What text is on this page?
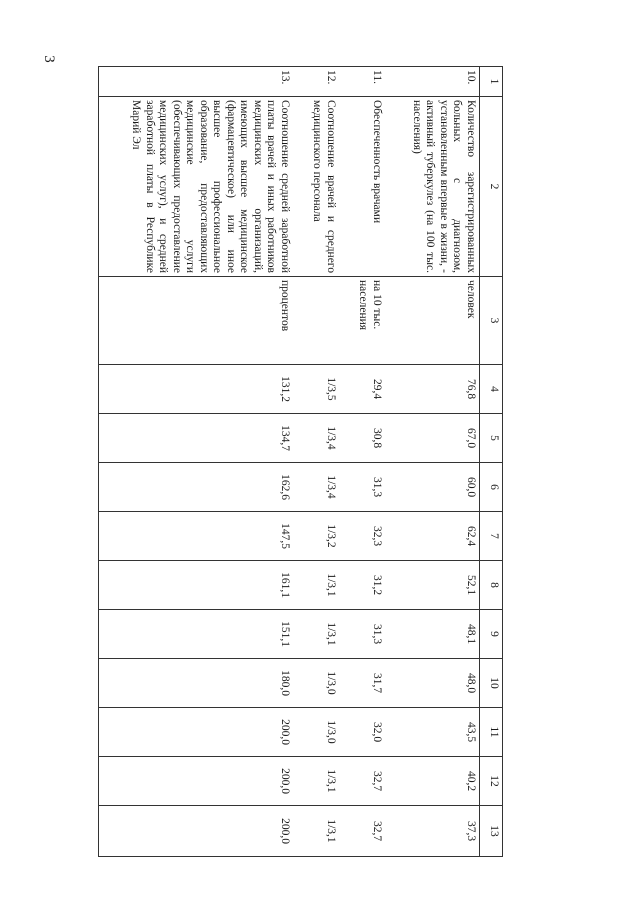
3
1	2	3	4	5	6	7	8	9	10	11	12	13
10.	Количество зарегистрированных больных с диагнозом, установленным впервые в жизни, - активный туберкулез (на 100 тыс. населения)	человек	76,8	67,0	60,0	62,4	52,1	48,1	48,0	43,5	40,2	37,3
11.	Обеспеченность врачами	на 10 тыс. населения	29,4	30,8	31,3	32,3	31,2	31,3	31,7	32,0	32,7	32,7
12.	Соотношение врачей и среднего медицинского персонала		1/3,5	1/3,4	1/3,4	1/3,2	1/3,1	1/3,1	1/3,0	1/3,0	1/3,1	1/3,1
13.	Соотношение средней заработной платы врачей и иных работников медицинских организаций, имеющих высшее медицинское (фармацевтическое) или иное высшее профессиональное образование, предоставляющих медицинские услуги (обеспечивающих предоставление медицинских услуг), и средней заработной платы в Республике Марий Эл	процентов	131,2	134,7	162,6	147,5	161,1	151,1	180,0	200,0	200,0	200,0
